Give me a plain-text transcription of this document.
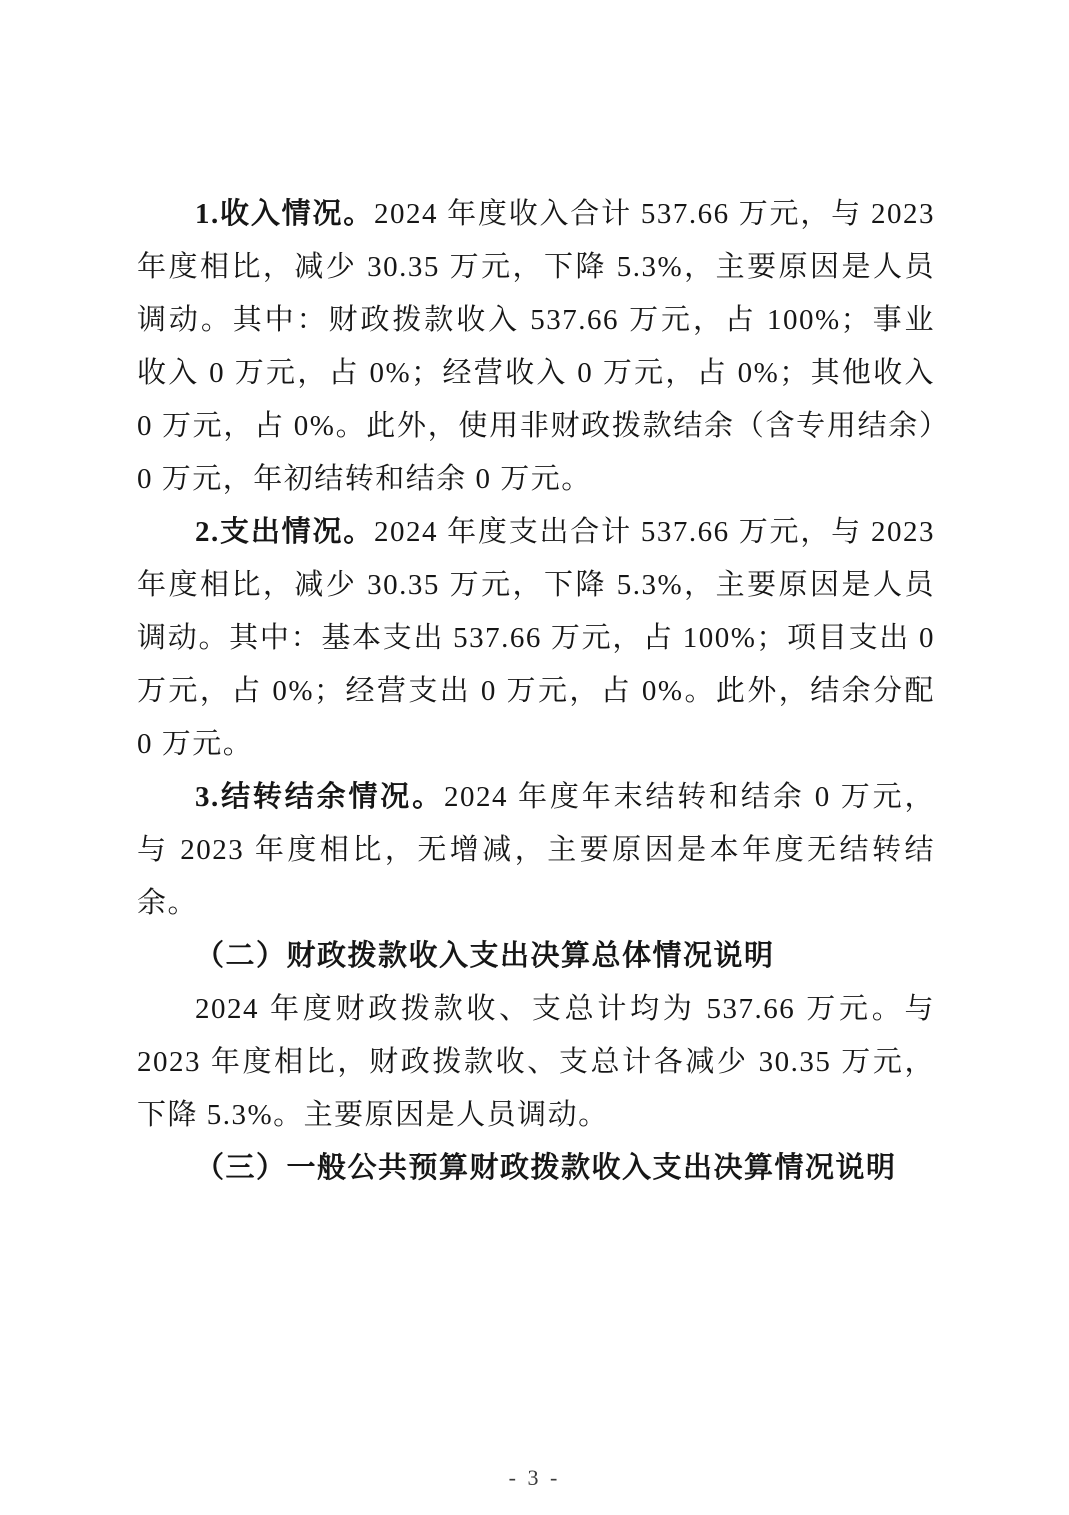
1.收入情况。2024 年度收入合计 537.66 万元，与 2023 年度相比，减少 30.35 万元，下降 5.3%，主要原因是人员调动。其中：财政拨款收入 537.66 万元，占 100%；事业收入 0 万元，占 0%；经营收入 0 万元，占 0%；其他收入 0 万元，占 0%。此外，使用非财政拨款结余（含专用结余）0 万元，年初结转和结余 0 万元。

2.支出情况。2024 年度支出合计 537.66 万元，与 2023 年度相比，减少 30.35 万元，下降 5.3%，主要原因是人员调动。其中：基本支出 537.66 万元，占 100%；项目支出 0 万元，占 0%；经营支出 0 万元，占 0%。此外，结余分配 0 万元。

3.结转结余情况。2024 年度年末结转和结余 0 万元，与 2023 年度相比，无增减，主要原因是本年度无结转结余。

（二）财政拨款收入支出决算总体情况说明

2024 年度财政拨款收、支总计均为 537.66 万元。与 2023 年度相比，财政拨款收、支总计各减少 30.35 万元，下降 5.3%。主要原因是人员调动。

（三）一般公共预算财政拨款收入支出决算情况说明

- 3 -
